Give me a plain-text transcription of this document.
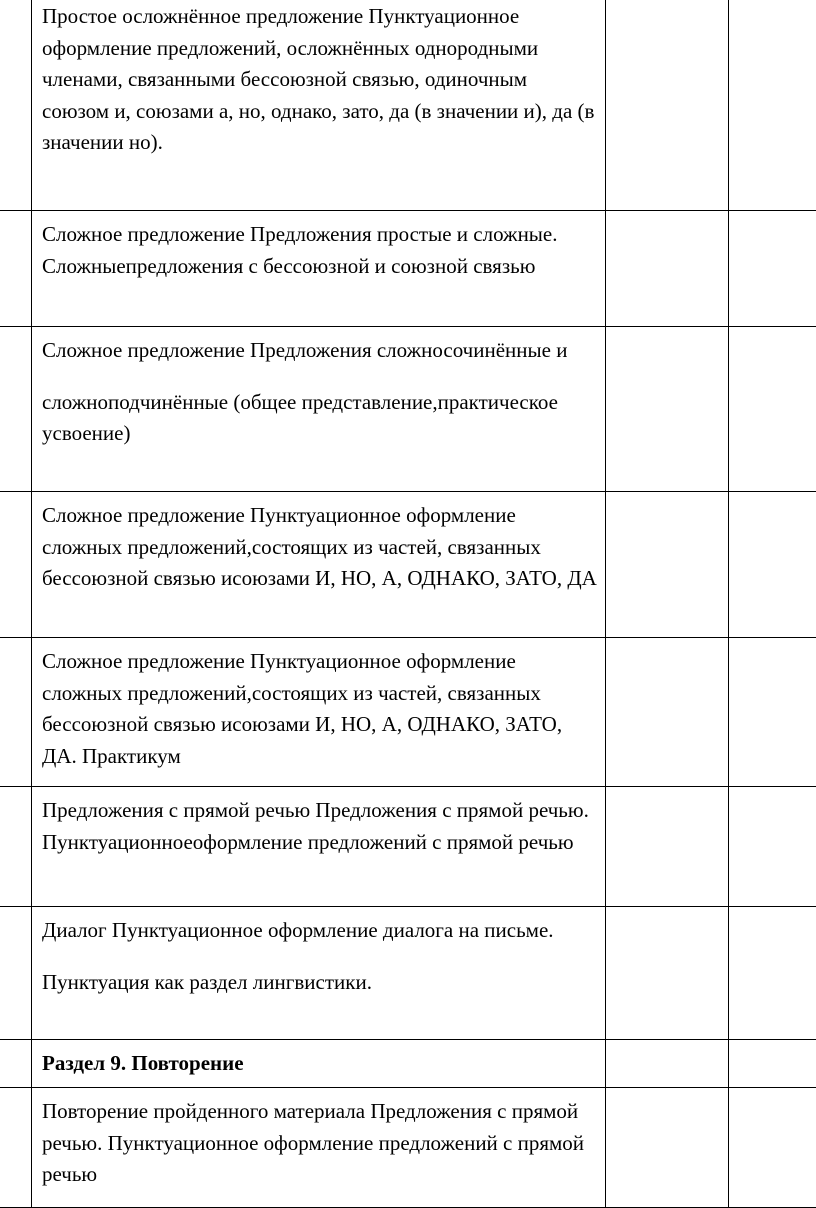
	Простое осложнённое предложение Пунктуационное оформление предложений, осложнённых однородными членами, связанными бессоюзной связью, одиночным союзом и, союзами а, но, однако, зато, да (в значении и), да (в значении но).		

	Сложное предложение Предложения простые и сложные. Сложныепредложения с бессоюзной и союзной связью		

	Сложное предложение Предложения сложносочинённые и

сложноподчинённые (общее представление,практическое усвоение)		

	Сложное предложение Пунктуационное оформление сложных предложений,состоящих из частей, связанных бессоюзной связью исоюзами И, НО, А, ОДНАКО, ЗАТО, ДА		

	Сложное предложение Пунктуационное оформление сложных предложений,состоящих из частей, связанных бессоюзной связью исоюзами И, НО, А, ОДНАКО, ЗАТО, ДА. Практикум		

	Предложения с прямой речью Предложения с прямой речью. Пунктуационноеоформление предложений с прямой речью		

	Диалог Пунктуационное оформление диалога на письме.

Пунктуация как раздел лингвистики.		

	Раздел 9. Повторение		

	Повторение пройденного материала Предложения с прямой речью. Пунктуационное оформление предложений с прямой речью		
